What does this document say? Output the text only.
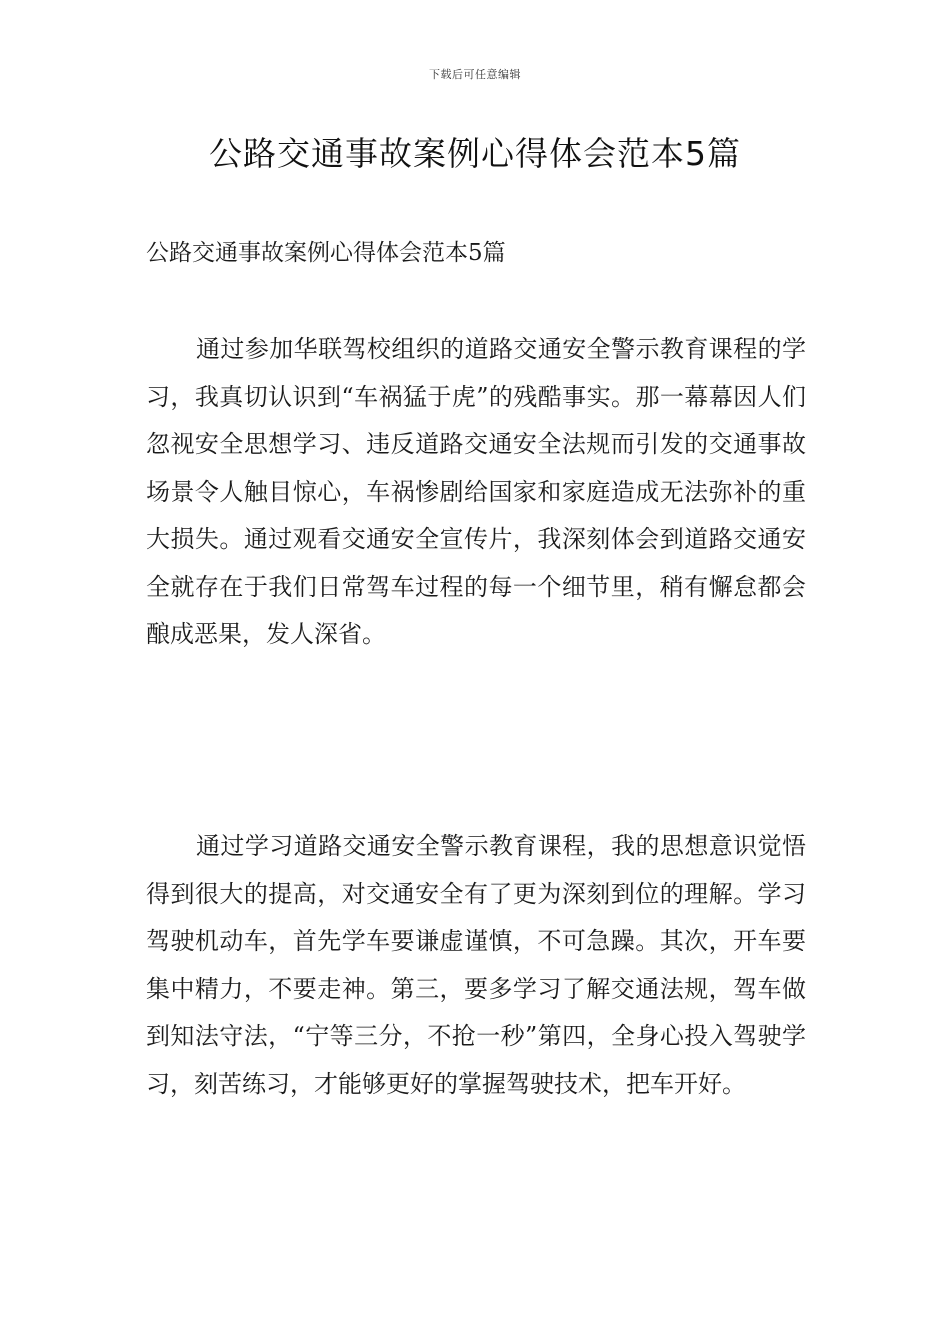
下载后可任意编辑
公路交通事故案例心得体会范本5篇
公路交通事故案例心得体会范本5篇

通过参加华联驾校组织的道路交通安全警示教育课程的学习，我真切认识到“车祸猛于虎”的残酷事实。那一幕幕因人们忽视安全思想学习、违反道路交通安全法规而引发的交通事故场景令人触目惊心，车祸惨剧给国家和家庭造成无法弥补的重大损失。通过观看交通安全宣传片，我深刻体会到道路交通安全就存在于我们日常驾车过程的每一个细节里，稍有懈怠都会酿成恶果，发人深省。

通过学习道路交通安全警示教育课程，我的思想意识觉悟得到很大的提高，对交通安全有了更为深刻到位的理解。学习驾驶机动车，首先学车要谦虚谨慎，不可急躁。其次，开车要集中精力，不要走神。第三，要多学习了解交通法规，驾车做到知法守法，“宁等三分，不抢一秒”第四，全身心投入驾驶学习，刻苦练习，才能够更好的掌握驾驶技术，把车开好。
